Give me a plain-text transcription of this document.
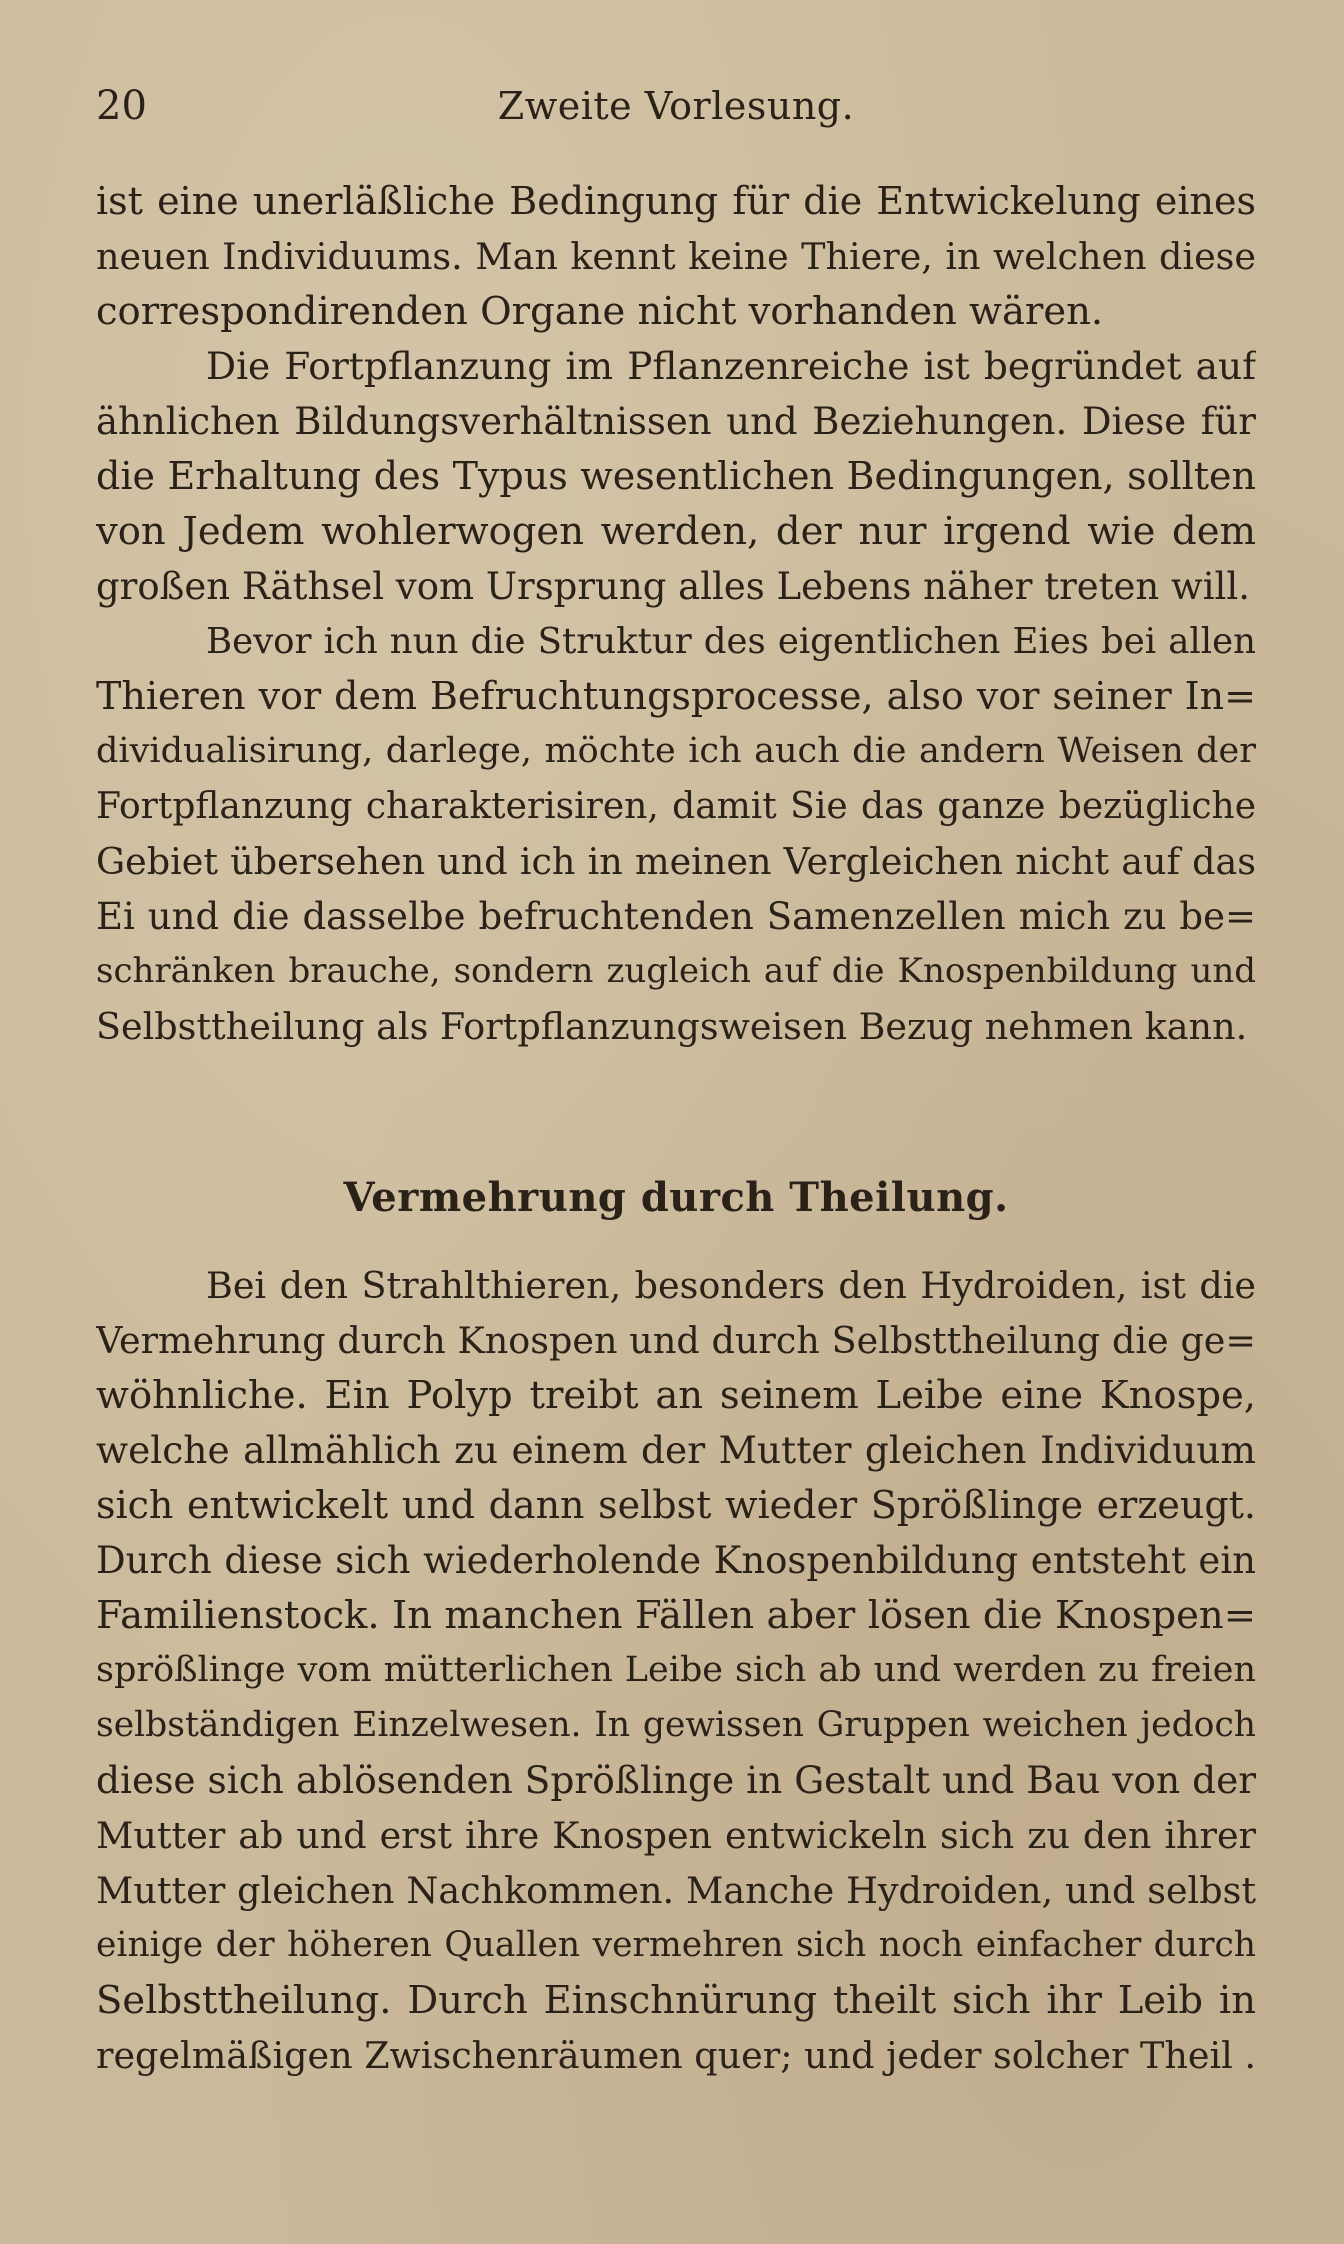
20	Zweite Vorlesung.
ist eine unerläßliche Bedingung für die Entwickelung eines
neuen Individuums. Man kennt keine Thiere, in welchen diese
correspondirenden Organe nicht vorhanden wären.
Die Fortpflanzung im Pflanzenreiche ist begründet auf
ähnlichen Bildungsverhältnissen und Beziehungen. Diese für
die Erhaltung des Typus wesentlichen Bedingungen, sollten
von Jedem wohlerwogen werden, der nur irgend wie dem
großen Räthsel vom Ursprung alles Lebens näher treten will.
Bevor ich nun die Struktur des eigentlichen Eies bei allen
Thieren vor dem Befruchtungsprocesse, also vor seiner In=
dividualisirung, darlege, möchte ich auch die andern Weisen der
Fortpflanzung charakterisiren, damit Sie das ganze bezügliche
Gebiet übersehen und ich in meinen Vergleichen nicht auf das
Ei und die dasselbe befruchtenden Samenzellen mich zu be=
schränken brauche, sondern zugleich auf die Knospenbildung und
Selbsttheilung als Fortpflanzungsweisen Bezug nehmen kann.
Vermehrung durch Theilung.
Bei den Strahlthieren, besonders den Hydroiden, ist die
Vermehrung durch Knospen und durch Selbsttheilung die ge=
wöhnliche. Ein Polyp treibt an seinem Leibe eine Knospe,
welche allmählich zu einem der Mutter gleichen Individuum
sich entwickelt und dann selbst wieder Sprößlinge erzeugt.
Durch diese sich wiederholende Knospenbildung entsteht ein
Familienstock. In manchen Fällen aber lösen die Knospen=
sprößlinge vom mütterlichen Leibe sich ab und werden zu freien
selbständigen Einzelwesen. In gewissen Gruppen weichen jedoch
diese sich ablösenden Sprößlinge in Gestalt und Bau von der
Mutter ab und erst ihre Knospen entwickeln sich zu den ihrer
Mutter gleichen Nachkommen. Manche Hydroiden, und selbst
einige der höheren Quallen vermehren sich noch einfacher durch
Selbsttheilung. Durch Einschnürung theilt sich ihr Leib in
regelmäßigen Zwischenräumen quer; und jeder solcher Theil .
